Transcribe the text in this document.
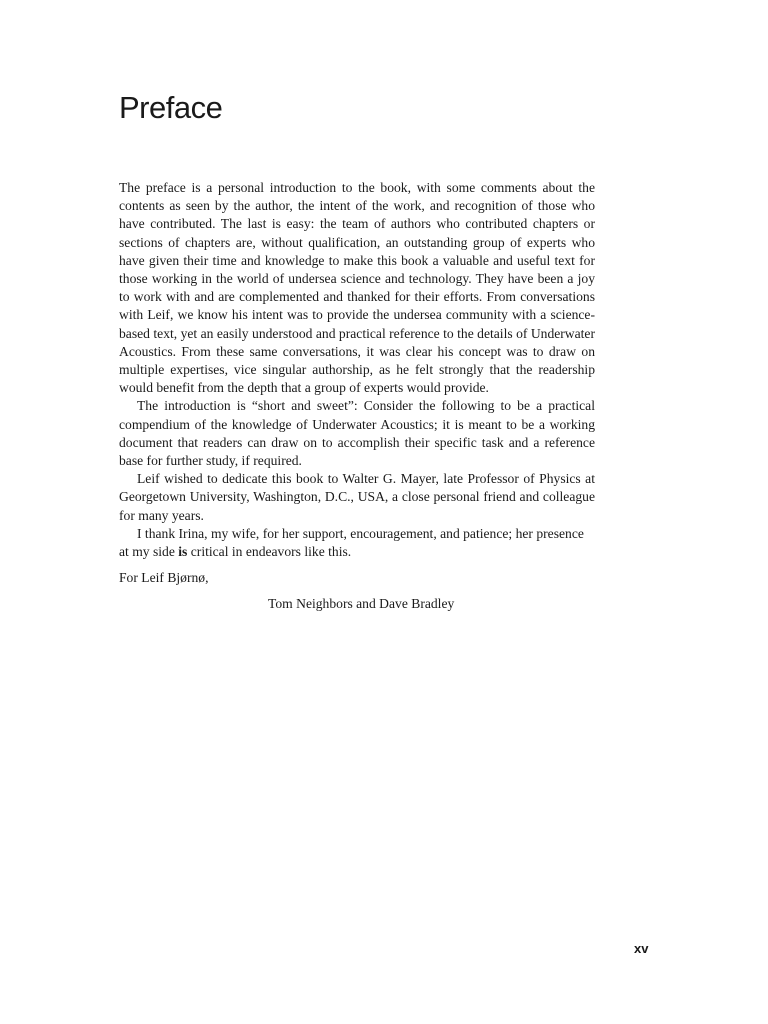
Preface

The preface is a personal introduction to the book, with some comments about the contents as seen by the author, the intent of the work, and recognition of those who have contributed. The last is easy: the team of authors who contributed chapters or sections of chapters are, without qualification, an outstanding group of experts who have given their time and knowledge to make this book a valuable and useful text for those working in the world of undersea science and technology. They have been a joy to work with and are complemented and thanked for their efforts. From conversations with Leif, we know his intent was to provide the undersea community with a science-based text, yet an easily understood and practical reference to the details of Underwater Acoustics. From these same conversations, it was clear his concept was to draw on multiple expertises, vice singular authorship, as he felt strongly that the readership would benefit from the depth that a group of experts would provide.

The introduction is “short and sweet”: Consider the following to be a practical compendium of the knowledge of Underwater Acoustics; it is meant to be a working document that readers can draw on to accomplish their specific task and a reference base for further study, if required.

Leif wished to dedicate this book to Walter G. Mayer, late Professor of Physics at Georgetown University, Washington, D.C., USA, a close personal friend and colleague for many years.

I thank Irina, my wife, for her support, encouragement, and patience; her presence at my side is critical in endeavors like this.

For Leif Bjørnø,

Tom Neighbors and Dave Bradley

xv
